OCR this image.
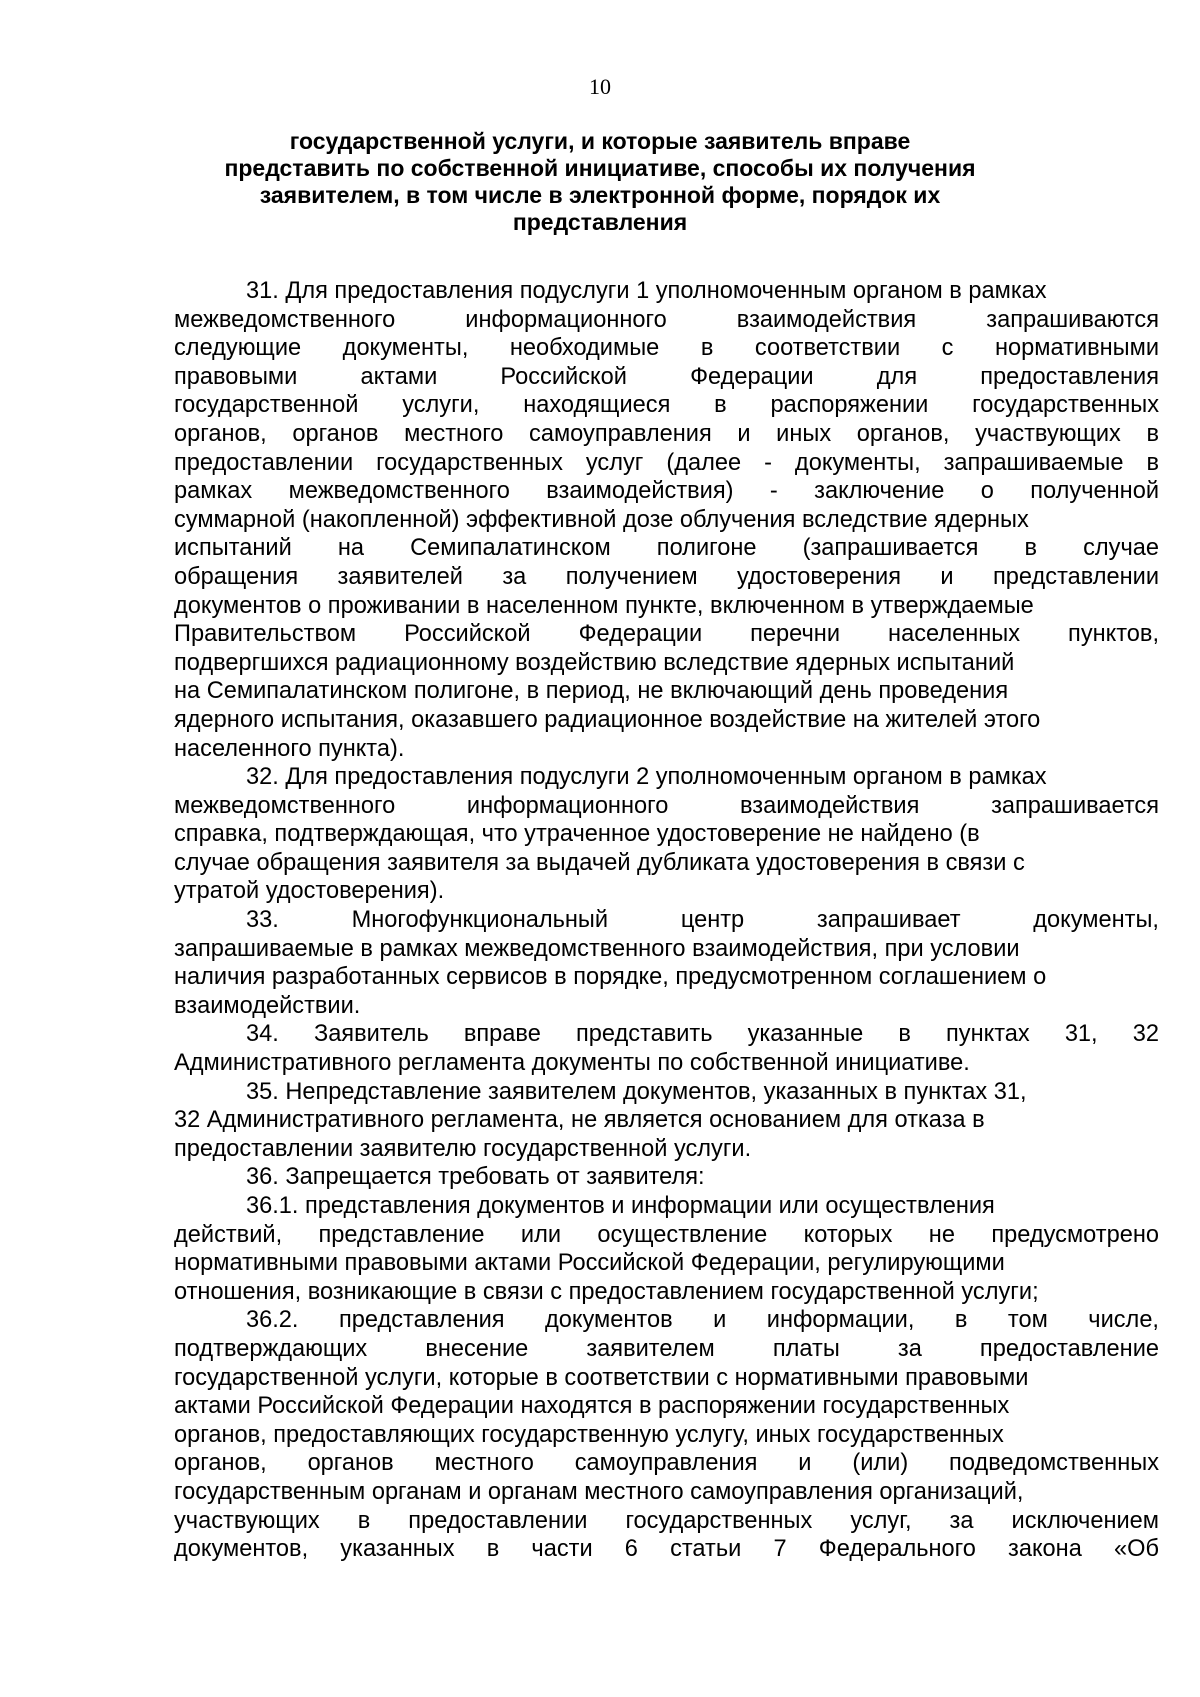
10
государственной услуги, и которые заявитель вправе
представить по собственной инициативе, способы их получения
заявителем, в том числе в электронной форме, порядок их
представления
31. Для предоставления подуслуги 1 уполномоченным органом в рамках
межведомственного информационного взаимодействия запрашиваются
следующие документы, необходимые в соответствии с нормативными
правовыми актами Российской Федерации для предоставления
государственной услуги, находящиеся в распоряжении государственных
органов, органов местного самоуправления и иных органов, участвующих в
предоставлении государственных услуг (далее - документы, запрашиваемые в
рамках межведомственного взаимодействия) - заключение о полученной
суммарной (накопленной) эффективной дозе облучения вследствие ядерных
испытаний на Семипалатинском полигоне (запрашивается в случае
обращения заявителей за получением удостоверения и представлении
документов о проживании в населенном пункте, включенном в утверждаемые
Правительством Российской Федерации перечни населенных пунктов,
подвергшихся радиационному воздействию вследствие ядерных испытаний
на Семипалатинском полигоне, в период, не включающий день проведения
ядерного испытания, оказавшего радиационное воздействие на жителей этого
населенного пункта).
32. Для предоставления подуслуги 2 уполномоченным органом в рамках
межведомственного информационного взаимодействия запрашивается
справка, подтверждающая, что утраченное удостоверение не найдено (в
случае обращения заявителя за выдачей дубликата удостоверения в связи с
утратой удостоверения).
33. Многофункциональный центр запрашивает документы,
запрашиваемые в рамках межведомственного взаимодействия, при условии
наличия разработанных сервисов в порядке, предусмотренном соглашением о
взаимодействии.
34. Заявитель вправе представить указанные в пунктах 31, 32
Административного регламента документы по собственной инициативе.
35. Непредставление заявителем документов, указанных в пунктах 31,
32 Административного регламента, не является основанием для отказа в
предоставлении заявителю государственной услуги.
36. Запрещается требовать от заявителя:
36.1. представления документов и информации или осуществления
действий, представление или осуществление которых не предусмотрено
нормативными правовыми актами Российской Федерации, регулирующими
отношения, возникающие в связи с предоставлением государственной услуги;
36.2. представления документов и информации, в том числе,
подтверждающих внесение заявителем платы за предоставление
государственной услуги, которые в соответствии с нормативными правовыми
актами Российской Федерации находятся в распоряжении государственных
органов, предоставляющих государственную услугу, иных государственных
органов, органов местного самоуправления и (или) подведомственных
государственным органам и органам местного самоуправления организаций,
участвующих в предоставлении государственных услуг, за исключением
документов, указанных в части 6 статьи 7 Федерального закона «Об
